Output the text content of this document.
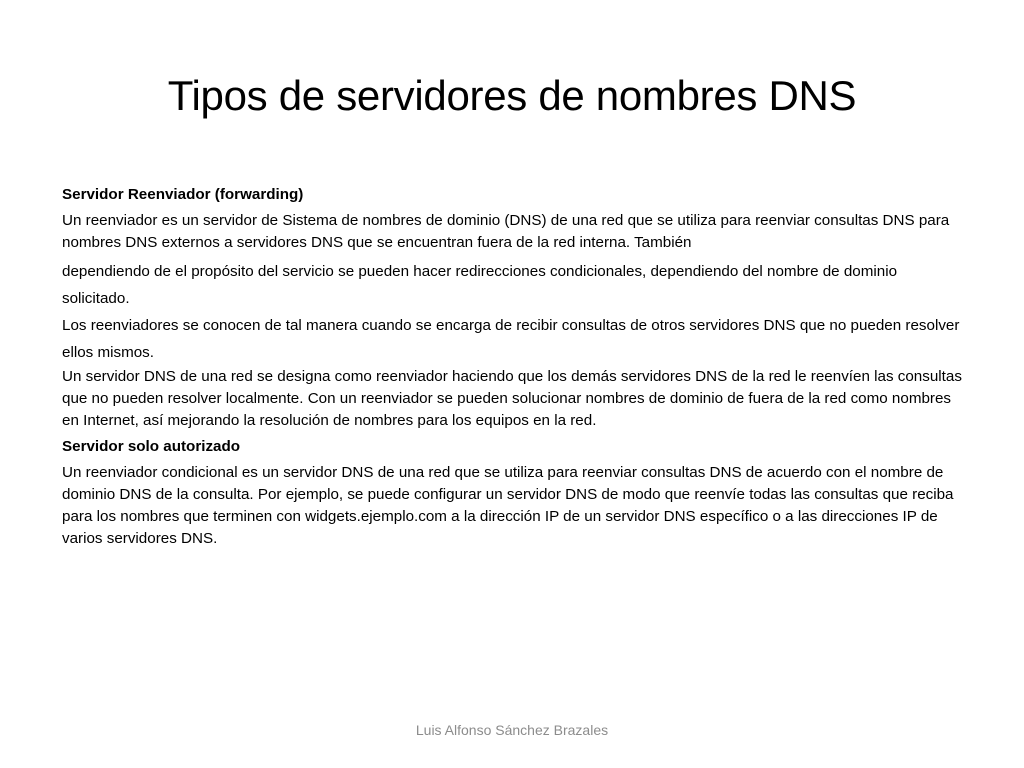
Tipos de servidores de nombres DNS

Servidor Reenviador (forwarding)

Un reenviador es un servidor de Sistema de nombres de dominio (DNS) de una red que se utiliza para reenviar consultas DNS para nombres DNS externos a servidores DNS que se encuentran fuera de la red interna. También

dependiendo de el propósito del servicio se pueden hacer redirecciones condicionales, dependiendo del nombre de dominio solicitado.

Los reenviadores se conocen de tal manera cuando se encarga de recibir consultas de otros servidores DNS que no pueden resolver ellos mismos.

Un servidor DNS de una red se designa como reenviador haciendo que los demás servidores DNS de la red le reenvíen las consultas que no pueden resolver localmente. Con un reenviador se pueden solucionar nombres de dominio de fuera de la red como nombres en Internet, así mejorando la resolución de nombres para los equipos en la red.

Servidor solo autorizado

Un reenviador condicional es un servidor DNS de una red que se utiliza para reenviar consultas DNS de acuerdo con el nombre de dominio DNS de la consulta. Por ejemplo, se puede configurar un servidor DNS de modo que reenvíe todas las consultas que reciba para los nombres que terminen con widgets.ejemplo.com a la dirección IP de un servidor DNS específico o a las direcciones IP de varios servidores DNS.

Luis Alfonso Sánchez Brazales
